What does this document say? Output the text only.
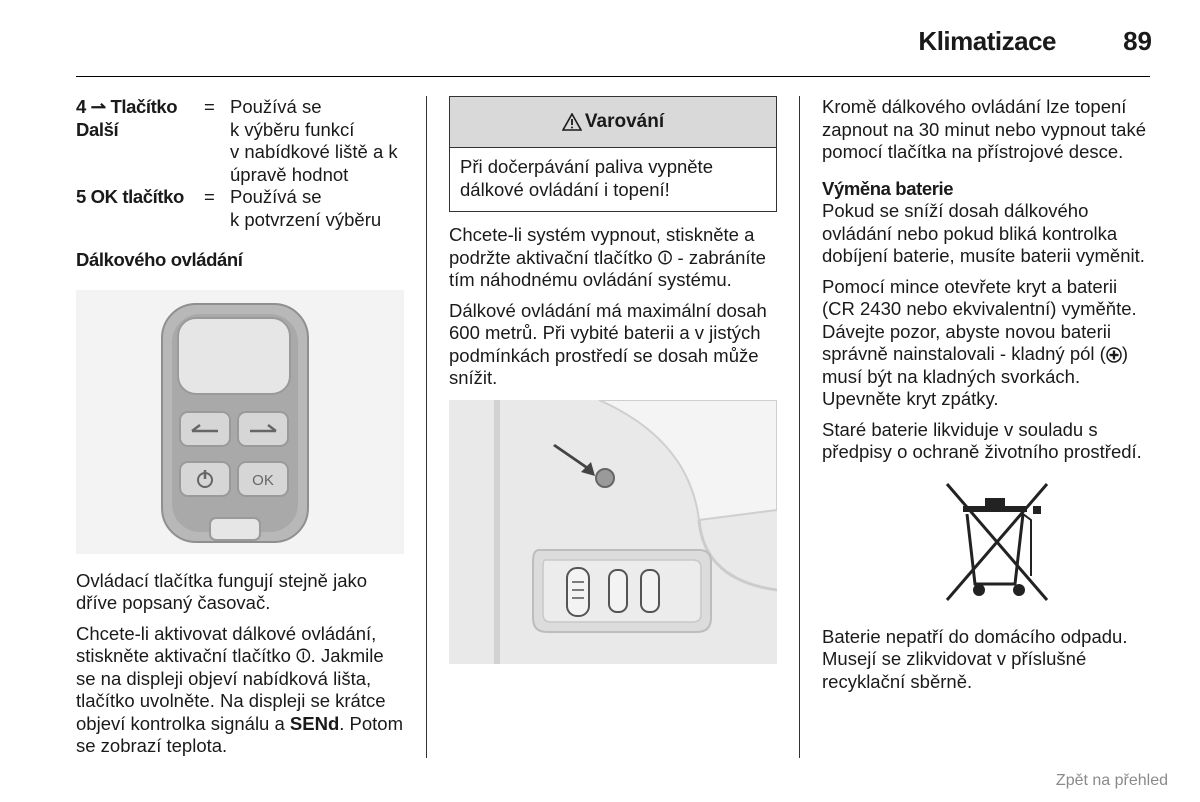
Klimatizace	89
4 ⇀ Tlačítko
Další
= Používá se
k výběru funkcí
v nabídkové liště a k
úpravě hodnot
5 OK tlačítko	= Používá se
k potvrzení výběru
Dálkového ovládání
OK

Ovládací tlačítka fungují stejně jako dříve popsaný časovač.

Chcete-li aktivovat dálkové ovládání, stiskněte aktivační tlačítko ⏼. Jakmile se na displeji objeví nabídková lišta, tlačítko uvolněte. Na displeji se krátce objeví kontrolka signálu a SENd. Potom se zobrazí teplota.

Varování
Při dočerpávání paliva vypněte dálkové ovládání i topení!

Chcete-li systém vypnout, stiskněte a podržte aktivační tlačítko ⏼ - zabráníte tím náhodnému ovládání systému.

Dálkové ovládání má maximální dosah 600 metrů. Při vybité baterii a v jistých podmínkách prostředí se dosah může snížit.

Kromě dálkového ovládání lze topení zapnout na 30 minut nebo vypnout také pomocí tlačítka na přístrojové desce.

Výměna baterie

Pokud se sníží dosah dálkového ovládání nebo pokud bliká kontrolka dobíjení baterie, musíte baterii vyměnit.

Pomocí mince otevřete kryt a baterii (CR 2430 nebo ekvivalentní) vyměňte. Dávejte pozor, abyste novou baterii správně nainstalovali - kladný pól ( ) musí být na kladných svorkách. Upevněte kryt zpátky.

Staré baterie likviduje v souladu s předpisy o ochraně životního prostředí.

Baterie nepatří do domácího odpadu. Musejí se zlikvidovat v příslušné recyklační sběrně.

Zpět na přehled
